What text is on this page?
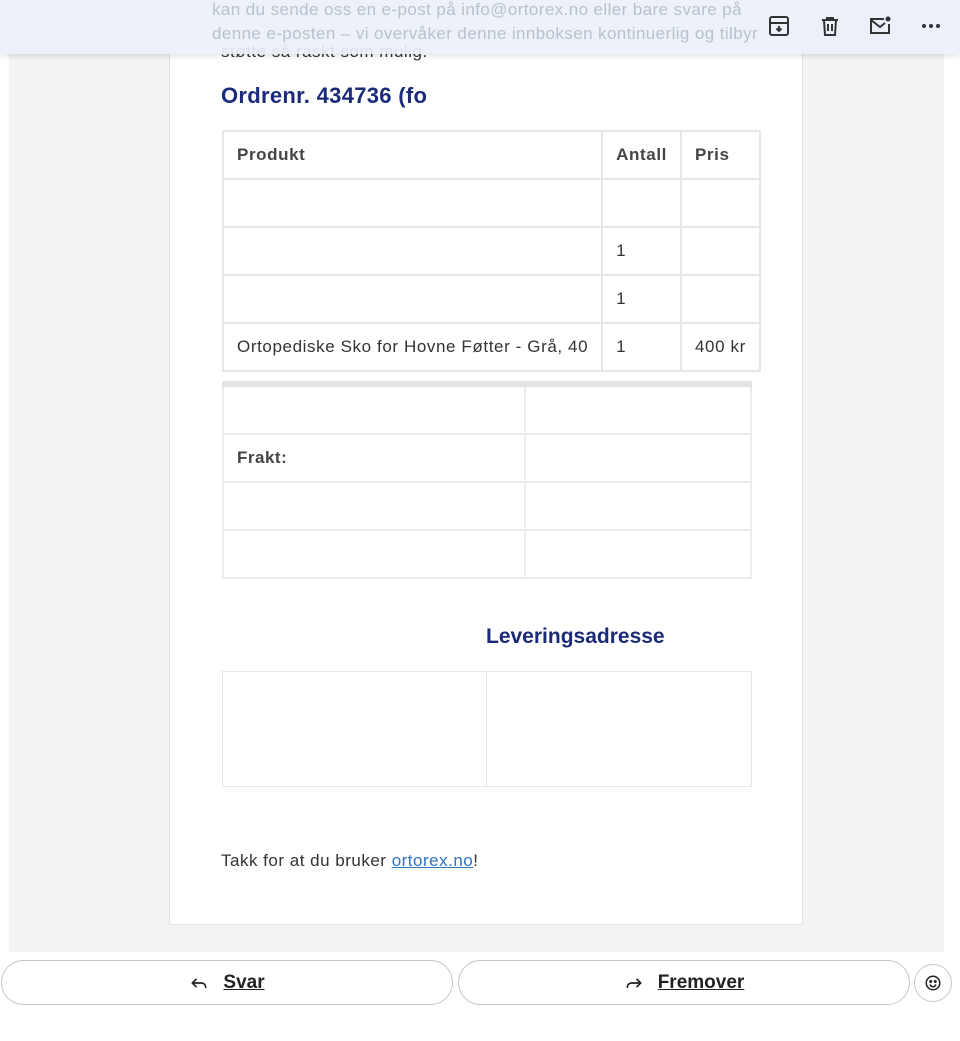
Ordrenr. 434736 (fo
Produkt	Antall	Pris

	1	
	1	
Ortopediske Sko for Hovne Føtter - Grå, 40	1	400 kr

Frakt:	

Leveringsadresse
Takk for at du bruker ortorex.no!
kan du sende oss en e-post på info@ortorex.no eller bare svare på
denne e-posten – vi overvåker denne innboksen kontinuerlig og tilbyr
Svar	Fremover
